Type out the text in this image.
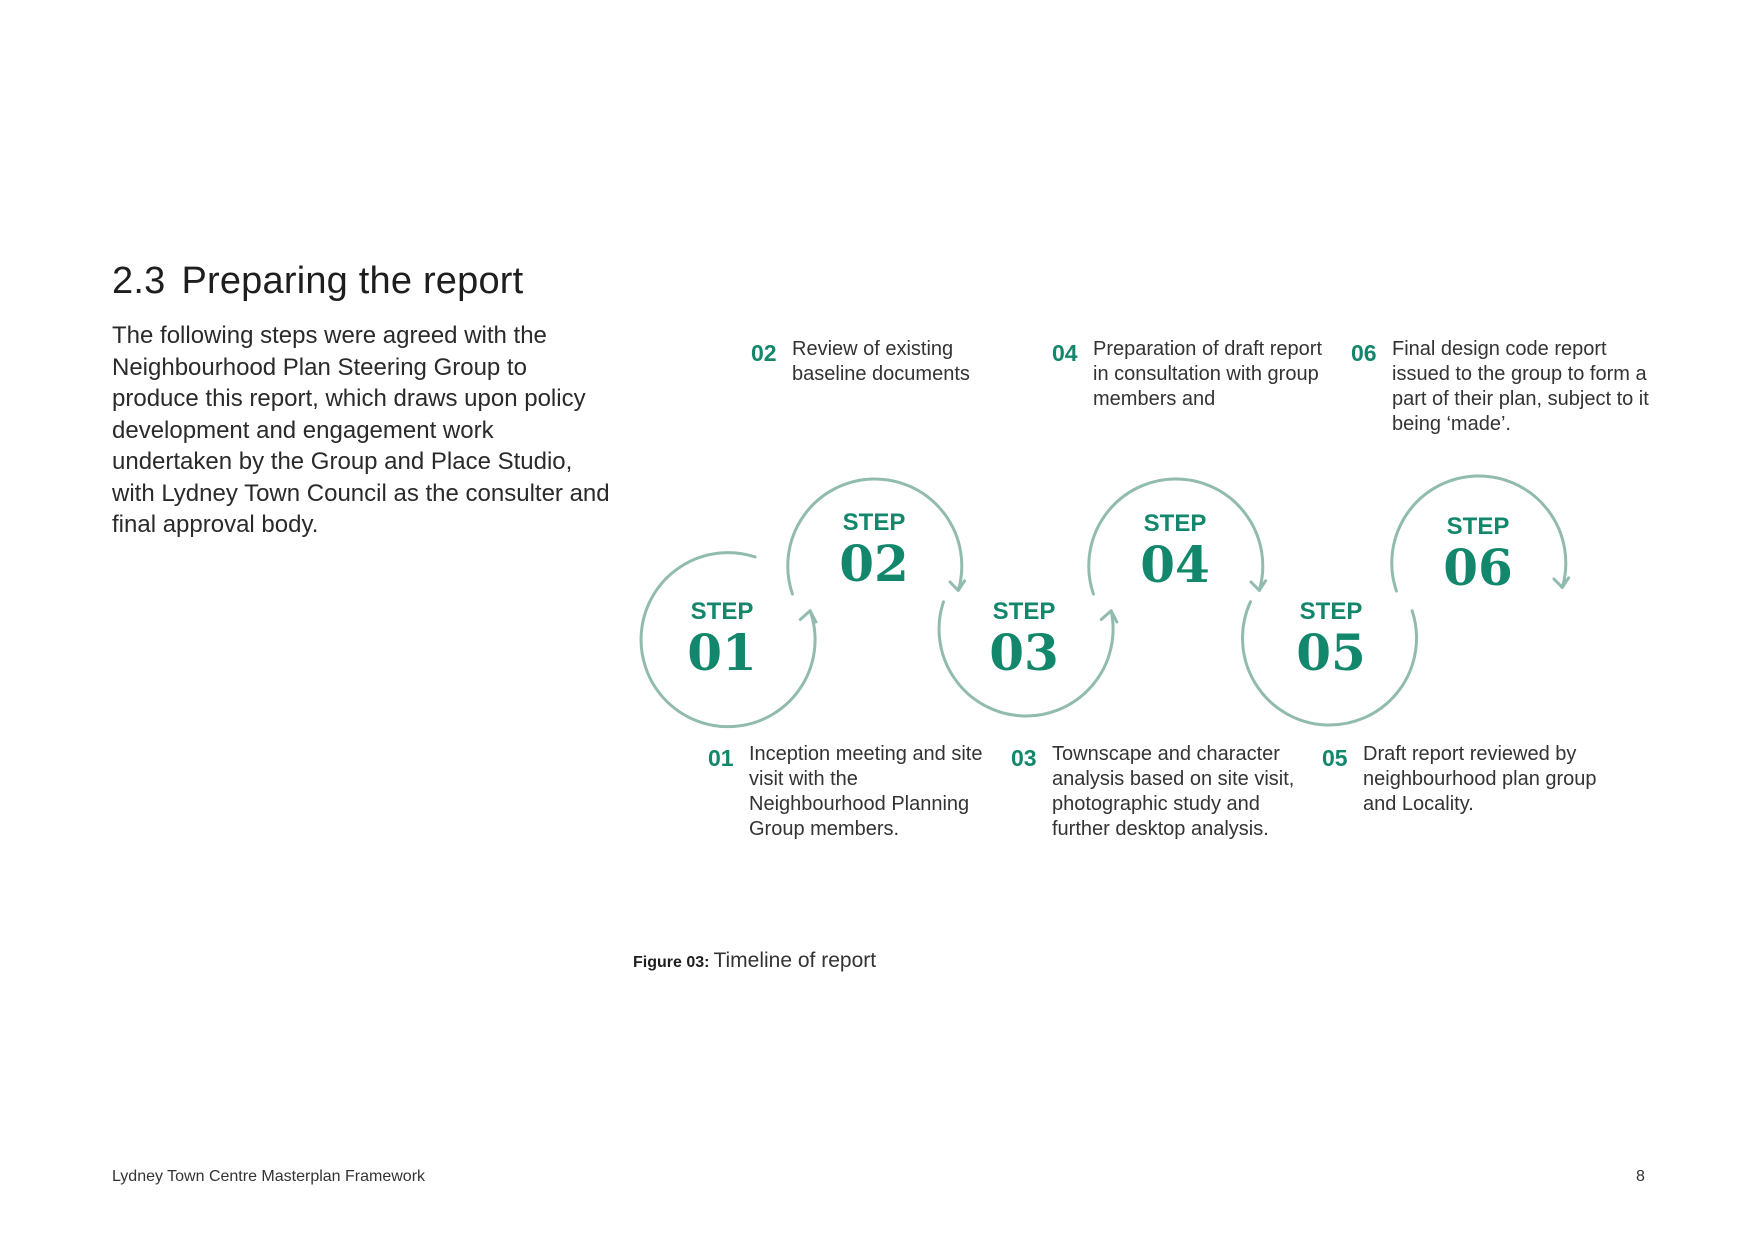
2.3 Preparing the report

The following steps were agreed with the Neighbourhood Plan Steering Group to produce this report, which draws upon policy development and engagement work undertaken by the Group and Place Studio, with Lydney Town Council as the consulter and final approval body.

STEP
01
STEP
02
STEP
03
STEP
04
STEP
05
STEP
06
02 Review of existing baseline documents

04 Preparation of draft report in consultation with group members and

06 Final design code report issued to the group to form a part of their plan, subject to it being ‘made’.

01 Inception meeting and site visit with the Neighbourhood Planning Group members.

03 Townscape and character analysis based on site visit, photographic study and further desktop analysis.

05 Draft report reviewed by neighbourhood plan group and Locality.

Figure 03: Timeline of report
Lydney Town Centre Masterplan Framework	8
